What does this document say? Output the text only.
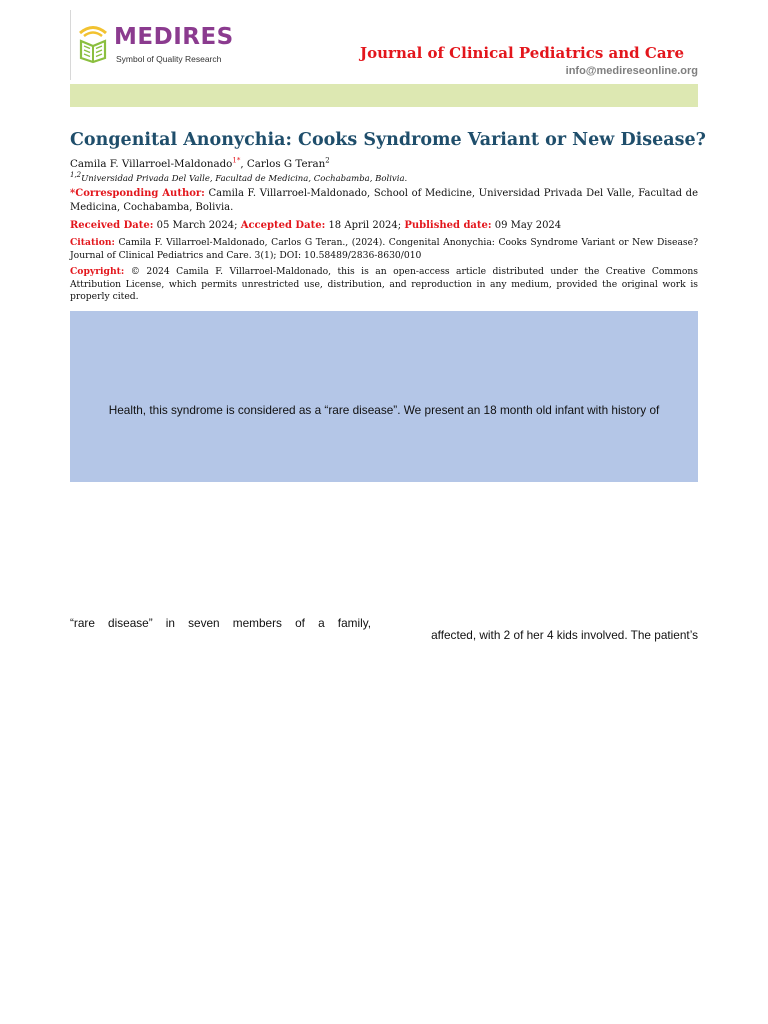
MEDIRES
Symbol of Quality Research	Journal of Clinical Pediatrics and Care
info@medireseonline.org
Congenital Anonychia: Cooks Syndrome Variant or New Disease?
Camila F. Villarroel-Maldonado$^{1*}$, Carlos G Teran$^2$
$^{1,2}$Universidad Privada Del Valle, Facultad de Medicina, Cochabamba, Bolivia.
*Corresponding Author: Camila F. Villarroel-Maldonado, School of Medicine, Universidad Privada Del Valle, Facultad de Medicina, Cochabamba, Bolivia.
Received Date: 05 March 2024; Accepted Date: 18 April 2024; Published date: 09 May 2024
Citation: Camila F. Villarroel-Maldonado, Carlos G Teran., (2024). Congenital Anonychia: Cooks Syndrome Variant or New Disease? Journal of Clinical Pediatrics and Care. 3(1); DOI: 10.58489/2836-8630/010
Copyright: © 2024 Camila F. Villarroel-Maldonado, this is an open-access article distributed under the Creative Commons Attribution License, which permits unrestricted use, distribution, and reproduction in any medium, provided the original work is properly cited.
Health, this syndrome is considered as a “rare disease”. We present an 18 month old infant with history of
“rare disease” in seven members of a family,
affected, with 2 of her 4 kids involved. The patient’s
